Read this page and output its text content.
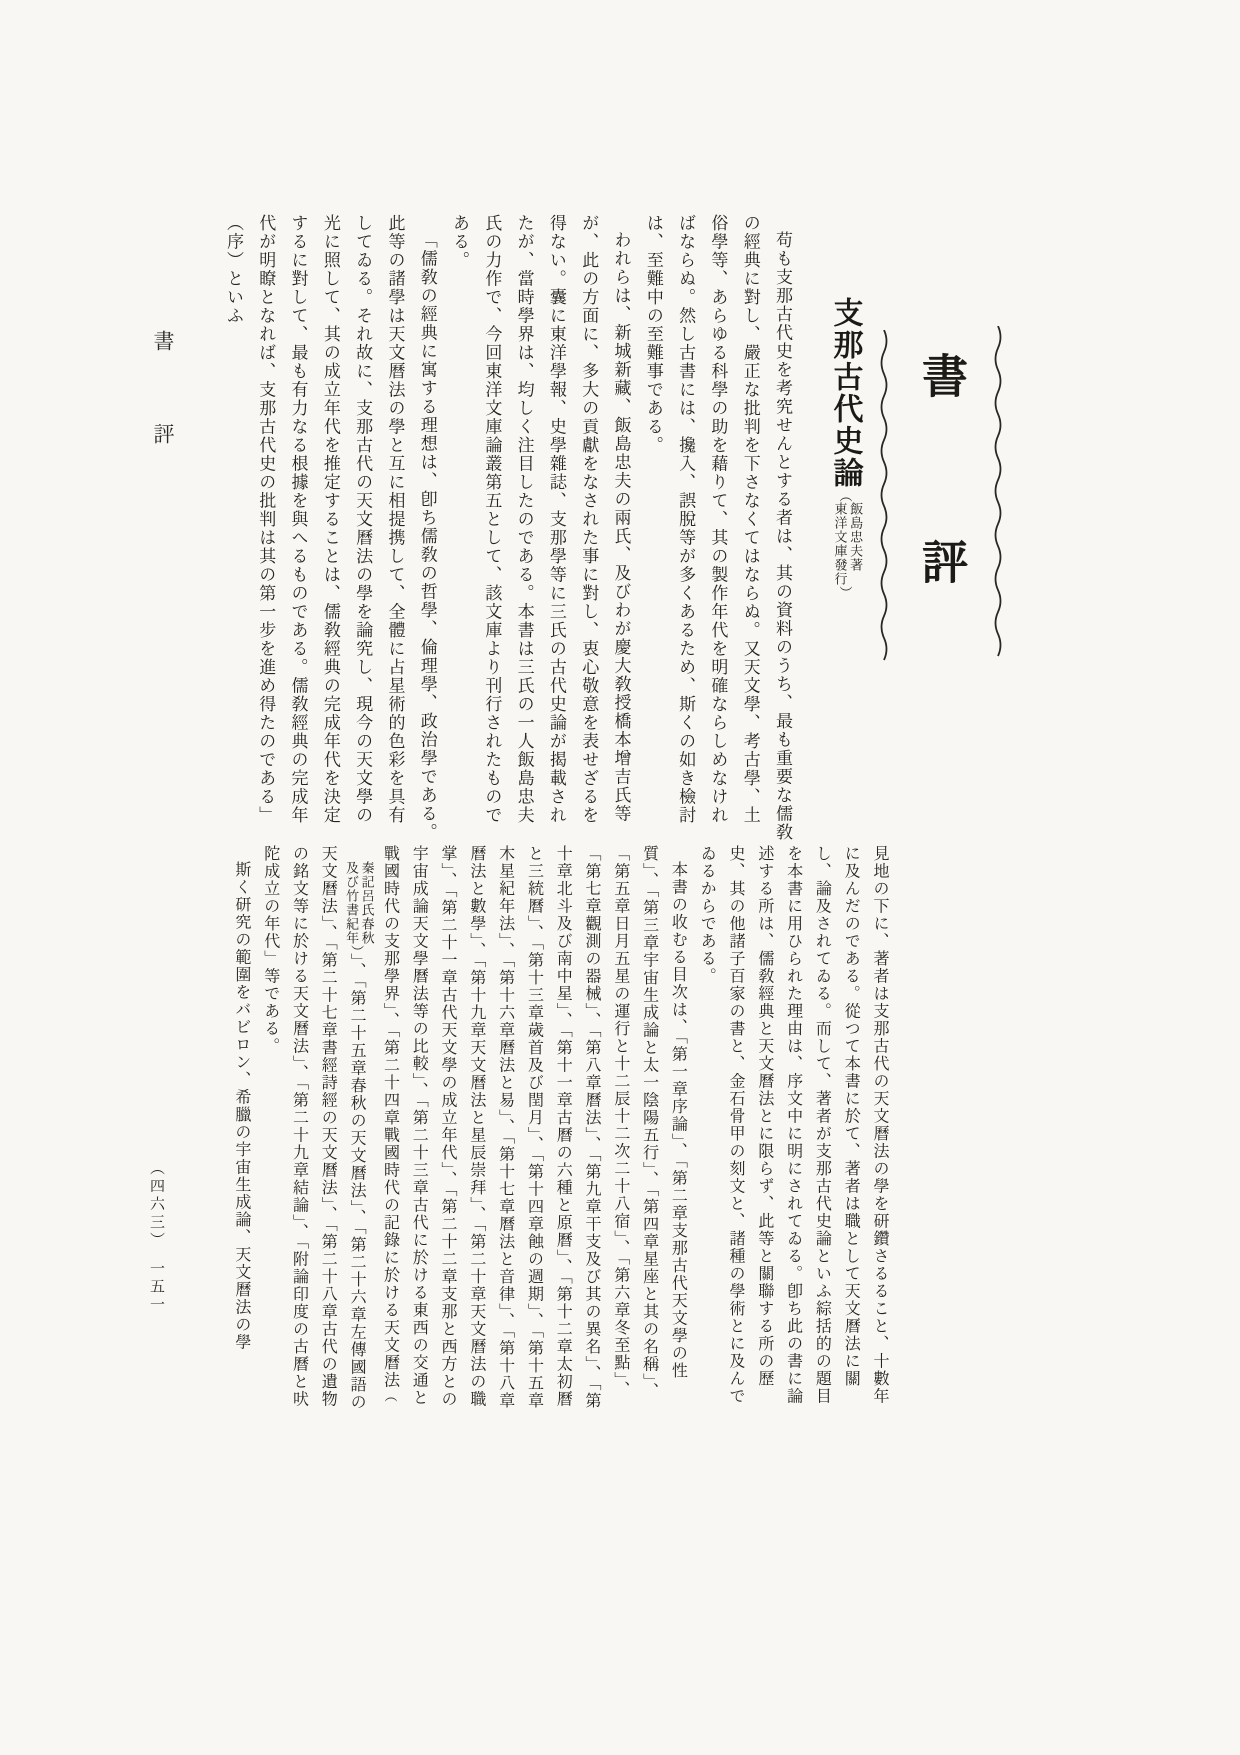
書　　評
支那古代史論（
飯島忠夫著
東洋文庫發行
）

苟も支那古代史を考究せんとする者は、其の資料のうち、最も重要な儒敎の經典に對し、嚴正な批判を下さなくてはならぬ。又天文學、考古學、土俗學等、あらゆる科學の助を藉りて、其の製作年代を明確ならしめなければならぬ。然し古書には、攙入、誤脫等が多くあるため、斯くの如き檢討は、至難中の至難事である。

われらは、新城新藏、飯島忠夫の兩氏、及びわが慶大敎授橋本增吉氏等が、此の方面に、多大の貢獻をなされた事に對し、衷心敬意を表せざるを得ない。囊に東洋學報、史學雜誌、支那學等に三氏の古代史論が揭載されたが、當時學界は、均しく注目したのである。本書は三氏の一人飯島忠夫氏の力作で、今回東洋文庫論叢第五として、該文庫より刊行されたものである。

「儒敎の經典に寓する理想は、卽ち儒敎の哲學、倫理學、政治學である。此等の諸學は天文曆法の學と互に相提携して、全體に占星術的色彩を具有してゐる。それ故に、支那古代の天文曆法の學を論究し、現今の天文學の光に照して、其の成立年代を推定することは、儒敎經典の完成年代を決定するに對して、最も有力なる根據を與へるものである。儒敎經典の完成年代が明瞭となれば、支那古代史の批判は其の第一步を進め得たのである」（序）といふ

見地の下に、著者は支那古代の天文曆法の學を研鑽さるること、十數年に及んだのである。從つて本書に於て、著者は職として天文曆法に關し、論及されてゐる。而して、著者が支那古代史論といふ綜括的の題目を本書に用ひられた理由は、序文中に明にされてゐる。卽ち此の書に論述する所は、儒敎經典と天文曆法とに限らず、此等と關聯する所の歷史、其の他諸子百家の書と、金石骨甲の刻文と、諸種の學術とに及んでゐるからである。

本書の收むる目次は、「第一章序論」、「第二章支那古代天文學の性質」、「第三章宇宙生成論と太一陰陽五行」、「第四章星座と其の名稱」、「第五章日月五星の運行と十二辰十二次二十八宿」、「第六章冬至點」、「第七章觀測の器械」、「第八章曆法」、「第九章干支及び其の異名」、「第十章北斗及び南中星」、「第十一章古曆の六種と原曆」、「第十二章太初曆と三統曆」、「第十三章歲首及び閏月」、「第十四章蝕の週期」、「第十五章木星紀年法」、「第十六章曆法と易」、「第十七章曆法と音律」、「第十八章曆法と數學」、「第十九章天文曆法と星辰崇拜」、「第二十章天文曆法の職掌」、「第二十一章古代天文學の成立年代」、「第二十二章支那と西方との宇宙成論天文學曆法等の比較」、「第二十三章古代に於ける東西の交通と戰國時代の支那學界」、「第二十四章戰國時代の記錄に於ける天文曆法（
秦記呂氏春秋
及び竹書紀年
）」、「第二十五章春秋の天文曆法」、「第二十六章左傳國語の天文曆法」、「第二十七章書經詩經の天文曆法」、「第二十八章古代の遺物の銘文等に於ける天文曆法」、「第二十九章結論」、「附論印度の古曆と吠陀成立の年代」等である。

斯く研究の範圍をバビロン、希臘の宇宙生成論、天文曆法の學

書評
（四六三）　一五一
